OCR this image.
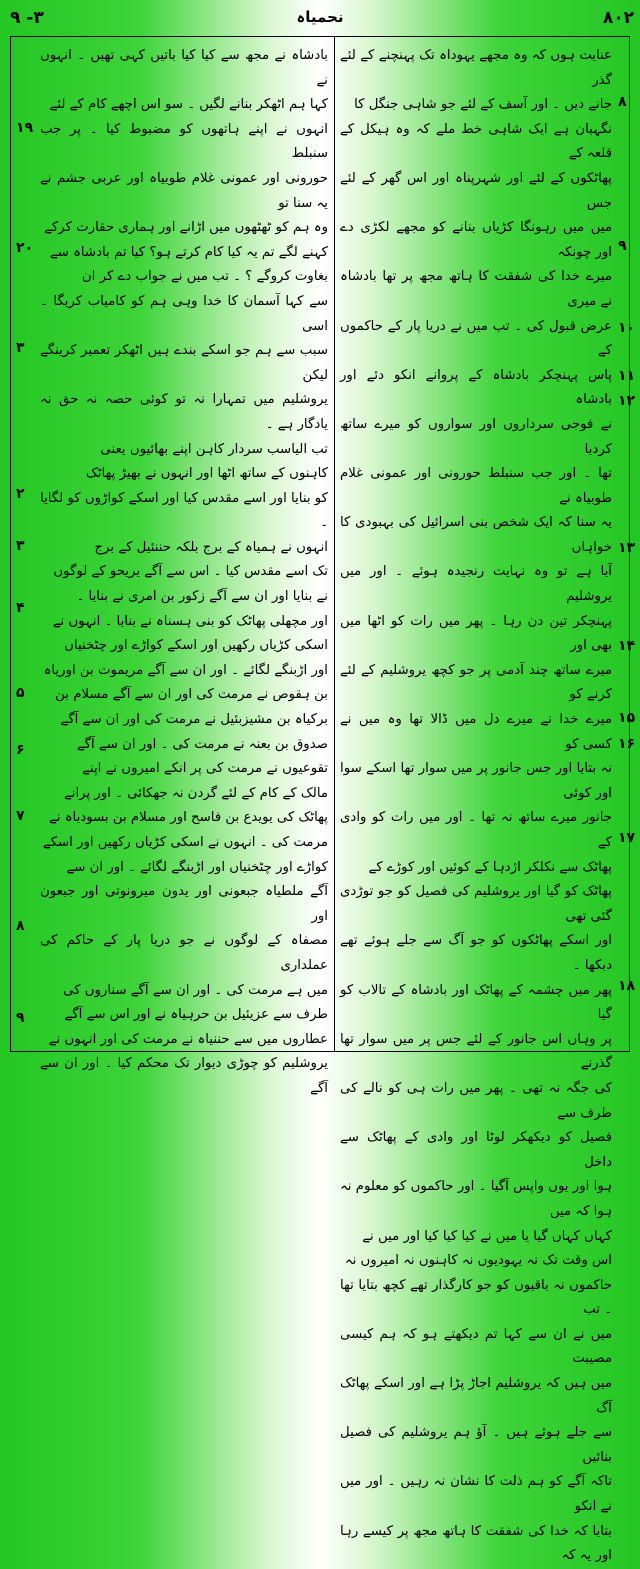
۹ -۳	نحمیاہ	۸۰۲
عنایت ہوں کہ وہ مجھے یہوداہ تک پہنچنے کے لئے گذر
جانے دیں ۔ اور آسف کے لئے جو شاہی جنگل کا
نگہبان ہے ایک شاہی خط ملے کہ وہ ہیکل کے قلعہ کے
پھاٹکوں کے لئے اور شہرپناہ اور اس گھر کے لئے جس
میں میں رہونگا کڑیاں بنانے کو مجھے لکڑی دے اور چونکہ
میرے خدا کی شفقت کا ہاتھ مجھ پر تھا بادشاہ نے میری
عرض قبول کی ۔ تب میں نے دریا پار کے حاکموں کے
پاس پہنچکر بادشاہ کے پروانے انکو دئے اور بادشاہ
نے فوجی سرداروں اور سواروں کو میرے ساتھ کردیا
تھا ۔ اور جب سنبلط حورونی اور عمونی غلام طوبیاہ نے
یہ سنا کہ ایک شخص بنی اسرائیل کی بہبودی کا خواہاں
آیا ہے تو وہ نہایت رنجیدہ ہوئے ۔ اور میں یروشلیم
پہنچکر تین دن رہا ۔ پھر میں رات کو اٹھا میں بھی اور
میرے ساتھ چند آدمی پر جو کچھ یروشلیم کے لئے کرنے کو
میرے خدا نے میرے دل میں ڈالا تھا وہ میں نے کسی کو
نہ بتایا اور جس جانور پر میں سوار تھا اسکے سوا اور کوئی
جانور میرے ساتھ نہ تھا ۔ اور میں رات کو وادی کے
پھاٹک سے نکلکر اژدہا کے کوئیں اور کوڑے کے
پھاٹک کو گیا اور یروشلیم کی فصیل کو جو توڑدی گئی تھی
اور اسکے پھاٹکوں کو جو آگ سے جلے ہوئے تھے دیکھا ۔
پھر میں چشمہ کے پھاٹک اور بادشاہ کے تالاب کو گیا
پر وہاں اس جانور کے لئے جس پر میں سوار تھا گذرنے
کی جگہ نہ تھی ۔ پھر میں رات ہی کو نالے کی طرف سے
فصیل کو دیکھکر لوٹا اور وادی کے پھاٹک سے داخل
ہوا اور یوں واپس آگیا ۔ اور حاکموں کو معلوم نہ ہوا کہ میں
کہاں کہاں گیا یا میں نے کیا کیا کیا اور میں نے
اس وقت تک نہ یہودیوں نہ کاہنوں نہ امیروں نہ
حاکموں نہ باقیوں کو جو کارگذار تھے کچھ بتایا تھا ۔ تب
میں نے ان سے کہا تم دیکھتے ہو کہ ہم کیسی مصیبت
میں ہیں کہ یروشلیم اجاڑ پڑا ہے اور اسکے پھاٹک آگ
سے جلے ہوئے ہیں ۔ آؤ ہم یروشلیم کی فصیل بنائیں
تاکہ آگے کو ہم ذلت کا نشان نہ رہیں ۔ اور میں نے انکو
بتایا کہ خدا کی شفقت کا ہاتھ مجھ پر کیسے رہا اور یہ کہ
بادشاہ نے مجھ سے کیا کیا باتیں کہی تھیں ۔ انہوں نے
کہا ہم اٹھکر بنانے لگیں ۔ سو اس اچھے کام کے لئے
انہوں نے اپنے ہاتھوں کو مضبوط کیا ۔ پر جب سنبلط
حورونی اور عمونی غلام طوبیاہ اور عربی جشم نے یہ سنا تو
وہ ہم کو ٹھٹھوں میں اڑانے اور ہماری حقارت کرکے
کہنے لگے تم یہ کیا کام کرتے ہو؟ کیا تم بادشاہ سے
بغاوت کروگے ؟ ۔ تب میں نے جواب دے کر ان
سے کہا آسمان کا خدا وہی ہم کو کامیاب کریگا ۔ اسی
سبب سے ہم جو اسکے بندے ہیں اٹھکر تعمیر کرینگے لیکن
یروشلیم میں تمہارا نہ تو کوئی حصہ نہ حق نہ یادگار ہے ۔
تب الیاسب سردار کاہن اپنے بھائیوں یعنی
کاہنوں کے ساتھ اٹھا اور انہوں نے بھیڑ پھاٹک
کو بنایا اور اسے مقدس کیا اور اسکے کواڑوں کو لگایا ۔
انہوں نے ہمیاہ کے برج بلکہ حننئیل کے برج
تک اسے مقدس کیا ۔ اس سے آگے یریحو کے لوگوں
نے بنایا اور ان سے آگے زکور بن امری نے بنایا ۔
اور مچھلی پھاٹک کو بنی ہسناہ نے بنایا ۔ انہوں نے
اسکی کڑیاں رکھیں اور اسکے کواڑے اور چٹخنیاں
اور اڑبنگے لگائے ۔ اور ان سے آگے مریموت بن اوریاہ
بن ہقوص نے مرمت کی اور ان سے آگے مسلام بن
برکیاہ بن مشیزبئیل نے مرمت کی اور ان سے آگے
صدوق بن بعنہ نے مرمت کی ۔ اور ان سے آگے
تقوعیوں نے مرمت کی پر انکے امیروں نے اپنے
مالک کے کام کے لئے گردن نہ جھکائی ۔ اور پرانے
پھاٹک کی یویدع بن فاسح اور مسلام بن بسودیاہ نے
مرمت کی ۔ انہوں نے اسکی کڑیاں رکھیں اور اسکے
کواڑے اور چٹخنیاں اور اڑبنگے لگائے ۔ اور ان سے
آگے ملطیاہ جبعونی اور یدون میرونوتی اور جبعون اور
مصفاہ کے لوگوں نے جو دریا پار کے حاکم کی عملداری
میں ہے مرمت کی ۔ اور ان سے آگے سناروں کی
طرف سے عزیئیل بن حرہیاہ نے اور اس سے آگے
عطاروں میں سے حننیاہ نے مرمت کی اور انہوں نے
یروشلیم کو چوڑی دیوار تک محکم کیا ۔ اور ان سے آگے
۸
۹
۱۰
۱۱
۱۲
۱۳
۱۴
۱۵
۱۶
۱۷
۱۸
۱۹
۲۰
۳
۲
۳
۴
۵
۶
۷
۸
۹
